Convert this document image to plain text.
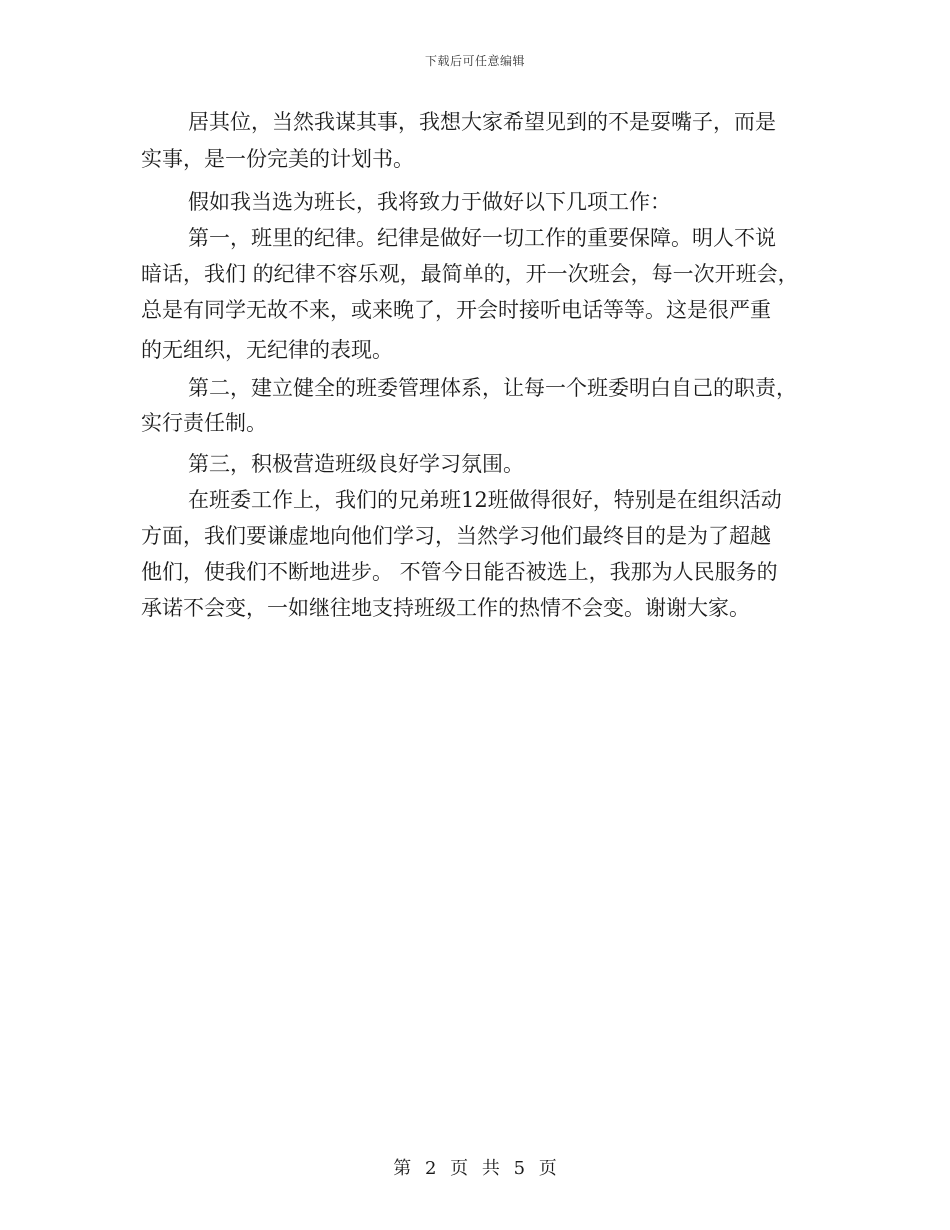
下载后可任意编辑
居其位，当然我谋其事，我想大家希望见到的不是耍嘴子，而是
实事，是一份完美的计划书。
假如我当选为班长，我将致力于做好以下几项工作：
第一，班里的纪律。纪律是做好一切工作的重要保障。明人不说
暗话，我们 的纪律不容乐观，最简单的，开一次班会，每一次开班会，
总是有同学无故不来，或来晚了，开会时接听电话等等。这是很严重
的无组织，无纪律的表现。
第二，建立健全的班委管理体系，让每一个班委明白自己的职责，
实行责任制。
第三，积极营造班级良好学习氛围。
在班委工作上，我们的兄弟班12班做得很好，特别是在组织活动
方面，我们要谦虚地向他们学习，当然学习他们最终目的是为了超越
他们，使我们不断地进步。 不管今日能否被选上，我那为人民服务的
承诺不会变，一如继往地支持班级工作的热情不会变。谢谢大家。
第 2 页 共 5 页
